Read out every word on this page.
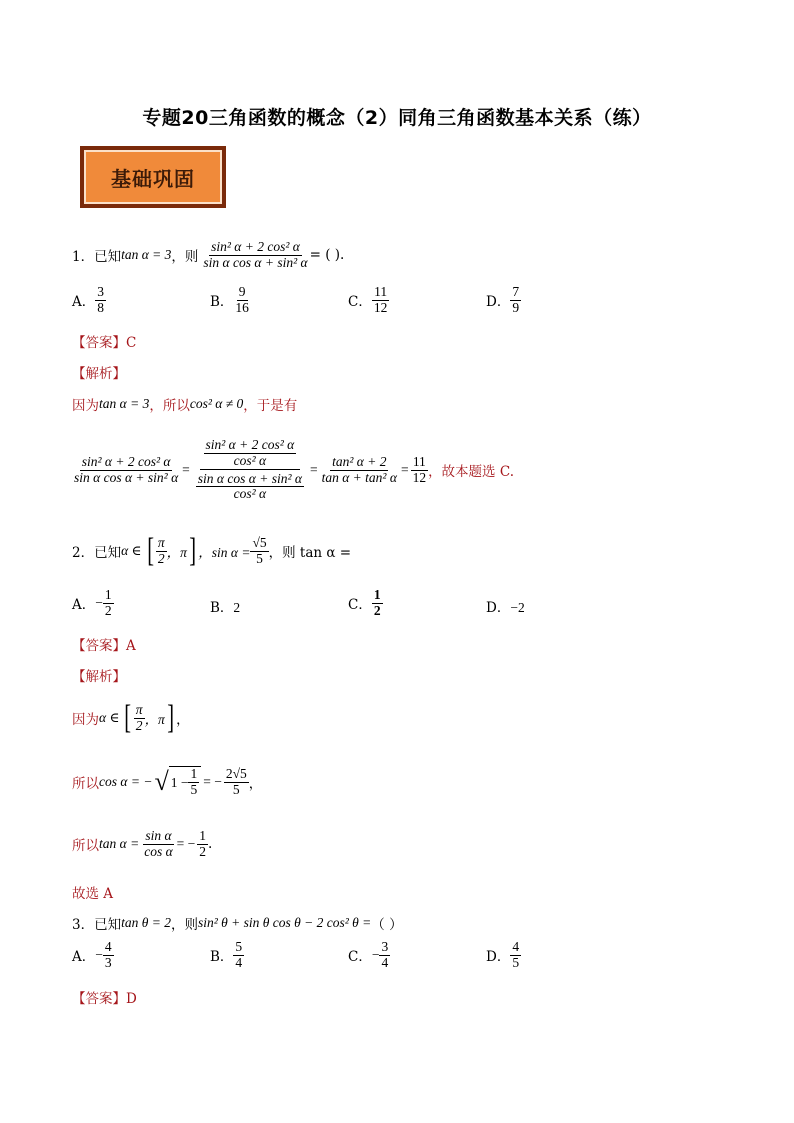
专题20三角函数的概念（2）同角三角函数基本关系（练）
基础巩固
1．已知 tan α = 3 ，则 $\frac{\text{sin² α + 2 cos² α}}{\text{sin α cos α + sin² α}}$ = ( ).
A． $\frac{3}{8}$	B． $\frac{9}{16}$	C． $\frac{11}{12}$	D． $\frac{7}{9}$
【答案】C
【解析】
因为 tan α = 3 ，所以 cos² α ≠ 0 ，于是有
$\frac{\text{sin² α + 2 cos² α}}{\text{sin α cos α + sin² α}} = \frac{\frac{\text{sin² α + 2 cos² α}}{\text{cos² α}}}{\frac{\text{sin α cos α + sin² α}}{\text{cos² α}}} = \frac{\text{tan² α + 2}}{\text{tan α + tan² α}} = \frac{11}{12}$ ，故本题选 C.
2．已知 α ∈ [ $\frac{\pi}{2}$ ，π ] ，$\sin \alpha = \frac{√5}{5}$ ，则 tan α =
A． − $\frac{1}{2}$	B．2	C． $\frac{1}{2}$	D．−2
【答案】A
【解析】
因为 α ∈ [ $\frac{\pi}{2}$ ，π ] ，
所以 cos α = − √ $1 - \frac{1}{5}$ = − $\frac{2√5}{5}$ ，
所以 $\tan \alpha = \frac{\text{sin α}}{\text{cos α}}$ = − $\frac{1}{2}$ .
故选 A
3．已知 tan θ = 2 ，则 sin² θ + sin θ cos θ − 2 cos² θ = （ ）
A． − $\frac{4}{3}$	B． $\frac{5}{4}$	C． − $\frac{3}{4}$	D． $\frac{4}{5}$
【答案】D
